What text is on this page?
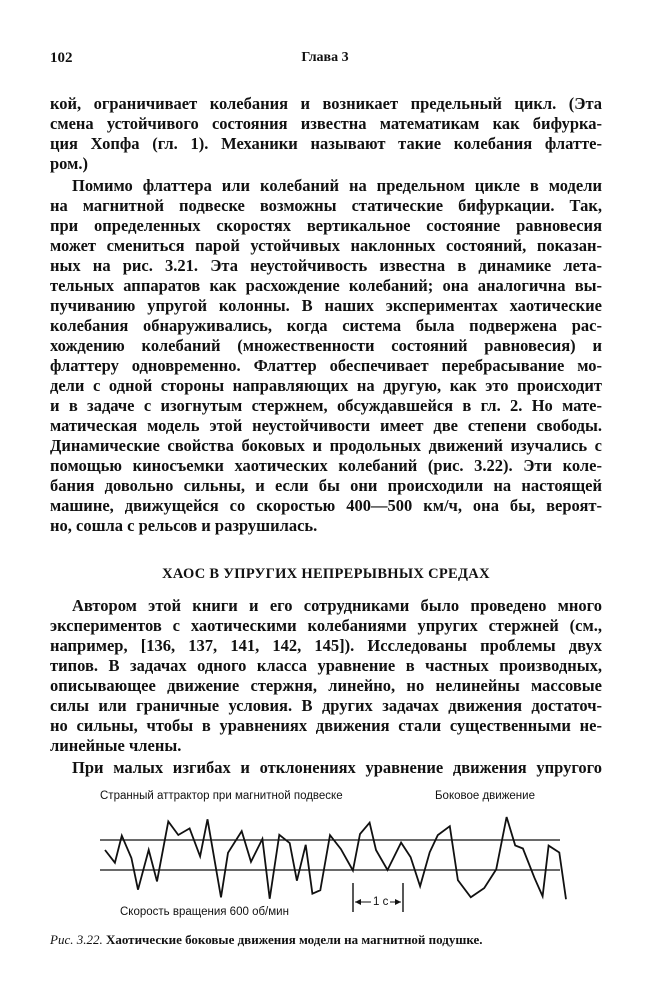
102	Глава 3
кой, ограничивает колебания и возникает предельный цикл. (Эта
смена устойчивого состояния известна математикам как бифурка-
ция Хопфа (гл. 1). Механики называют такие колебания флатте-
ром.)
Помимо флаттера или колебаний на предельном цикле в модели
на магнитной подвеске возможны статические бифуркации. Так,
при определенных скоростях вертикальное состояние равновесия
может смениться парой устойчивых наклонных состояний, показан-
ных на рис. 3.21. Эта неустойчивость известна в динамике лета-
тельных аппаратов как расхождение колебаний; она аналогична вы-
пучиванию упругой колонны. В наших экспериментах хаотические
колебания обнаруживались, когда система была подвержена рас-
хождению колебаний (множественности состояний равновесия) и
флаттеру одновременно. Флаттер обеспечивает перебрасывание мо-
дели с одной стороны направляющих на другую, как это происходит
и в задаче с изогнутым стержнем, обсуждавшейся в гл. 2. Но мате-
матическая модель этой неустойчивости имеет две степени свободы.
Динамические свойства боковых и продольных движений изучались с
помощью киносъемки хаотических колебаний (рис. 3.22). Эти коле-
бания довольно сильны, и если бы они происходили на настоящей
машине, движущейся со скоростью 400—500 км/ч, она бы, вероят-
но, сошла с рельсов и разрушилась.
ХАОС В УПРУГИХ НЕПРЕРЫВНЫХ СРЕДАХ
Автором этой книги и его сотрудниками было проведено много
экспериментов с хаотическими колебаниями упругих стержней (см.,
например, [136, 137, 141, 142, 145]). Исследованы проблемы двух
типов. В задачах одного класса уравнение в частных производных,
описывающее движение стержня, линейно, но нелинейны массовые
силы или граничные условия. В других задачах движения достаточ-
но сильны, чтобы в уравнениях движения стали существенными не-
линейные члены.
При малых изгибах и отклонениях уравнение движения упругого
Странный аттрактор при магнитной подвеске	Боковое движение
1 с
Скорость вращения 600 об/мин
Рис. 3.22. Хаотические боковые движения модели на магнитной подушке.
